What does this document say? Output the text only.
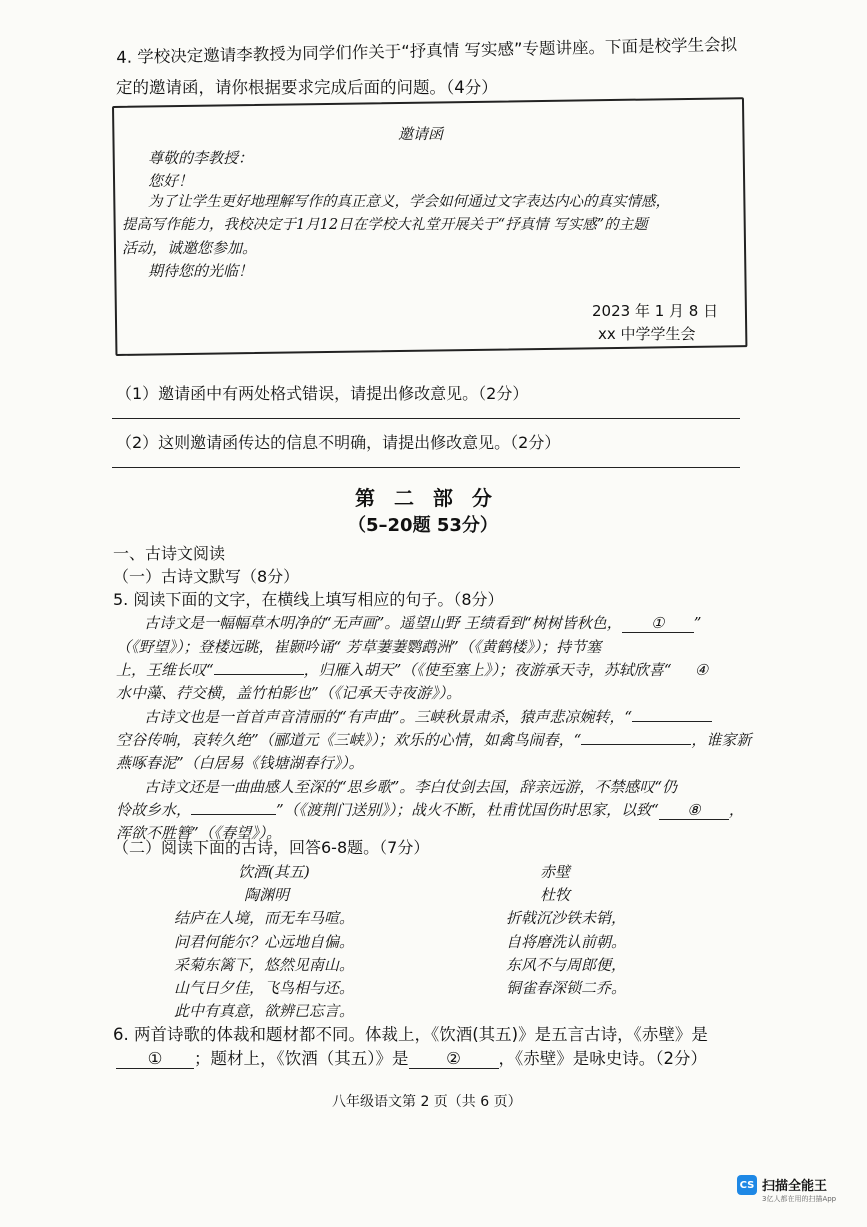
4. 学校决定邀请李教授为同学们作关于“抒真情 写实感”专题讲座。下面是校学生会拟
定的邀请函，请你根据要求完成后面的问题。（4分）
邀请函
尊敬的李教授：
您好！
为了让学生更好地理解写作的真正意义，学会如何通过文字表达内心的真实情感，
提高写作能力，我校决定于1月12日在学校大礼堂开展关于“抒真情 写实感”的主题
活动，诚邀您参加。
期待您的光临！
2023 年 1 月 8 日
xx 中学学生会
（1）邀请函中有两处格式错误，请提出修改意见。（2分）
（2）这则邀请函传达的信息不明确，请提出修改意见。（2分）
第 二 部 分
（5–20题 53分）
一、古诗文阅读
（一）古诗文默写（8分）
5. 阅读下面的文字，在横线上填写相应的句子。（8分）
古诗文是一幅幅草木明净的“无声画”。遥望山野 王绩看到“树树皆秋色， ① ”
（《野望》）；登楼远眺，崔颢吟诵“ 芳草萋萋鹦鹉洲”（《黄鹤楼》）；持节塞
上，王维长叹“	，归雁入胡天”（《使至塞上》）；夜游承天寺，苏轼欣喜“ ④
水中藻、荇交横，盖竹柏影也”（《记承天寺夜游》）。
古诗文也是一首首声音清丽的“有声曲”。三峡秋景肃杀，猿声悲凉婉转，“
空谷传响，哀转久绝”（郦道元《三峡》）；欢乐的心情，如禽鸟闹春，“	，谁家新
燕啄春泥”（白居易《钱塘湖春行》）。
古诗文还是一曲曲感人至深的“思乡歌”。李白仗剑去国，辞亲远游，不禁感叹“仍
怜故乡水，	”（《渡荆门送别》）；战火不断，杜甫忧国伤时思家，以致“ ⑧ ，
浑欲不胜簪”（《春望》）。
（二）阅读下面的古诗，回答6-8题。（7分）
饮酒(其五)
陶渊明
结庐在人境，而无车马喧。
问君何能尔？心远地自偏。
采菊东篱下，悠然见南山。
山气日夕佳，飞鸟相与还。
此中有真意，欲辨已忘言。
赤壁
杜牧
折戟沉沙铁未销，
自将磨洗认前朝。
东风不与周郎便，
铜雀春深锁二乔。
6. 两首诗歌的体裁和题材都不同。体裁上，《饮酒(其五)》是五言古诗，《赤壁》是
① ；题材上，《饮酒（其五）》是 ② ，《赤壁》是咏史诗。（2分）
八年级语文第 2 页（共 6 页）
CS 扫描全能王
3亿人都在用的扫描App
